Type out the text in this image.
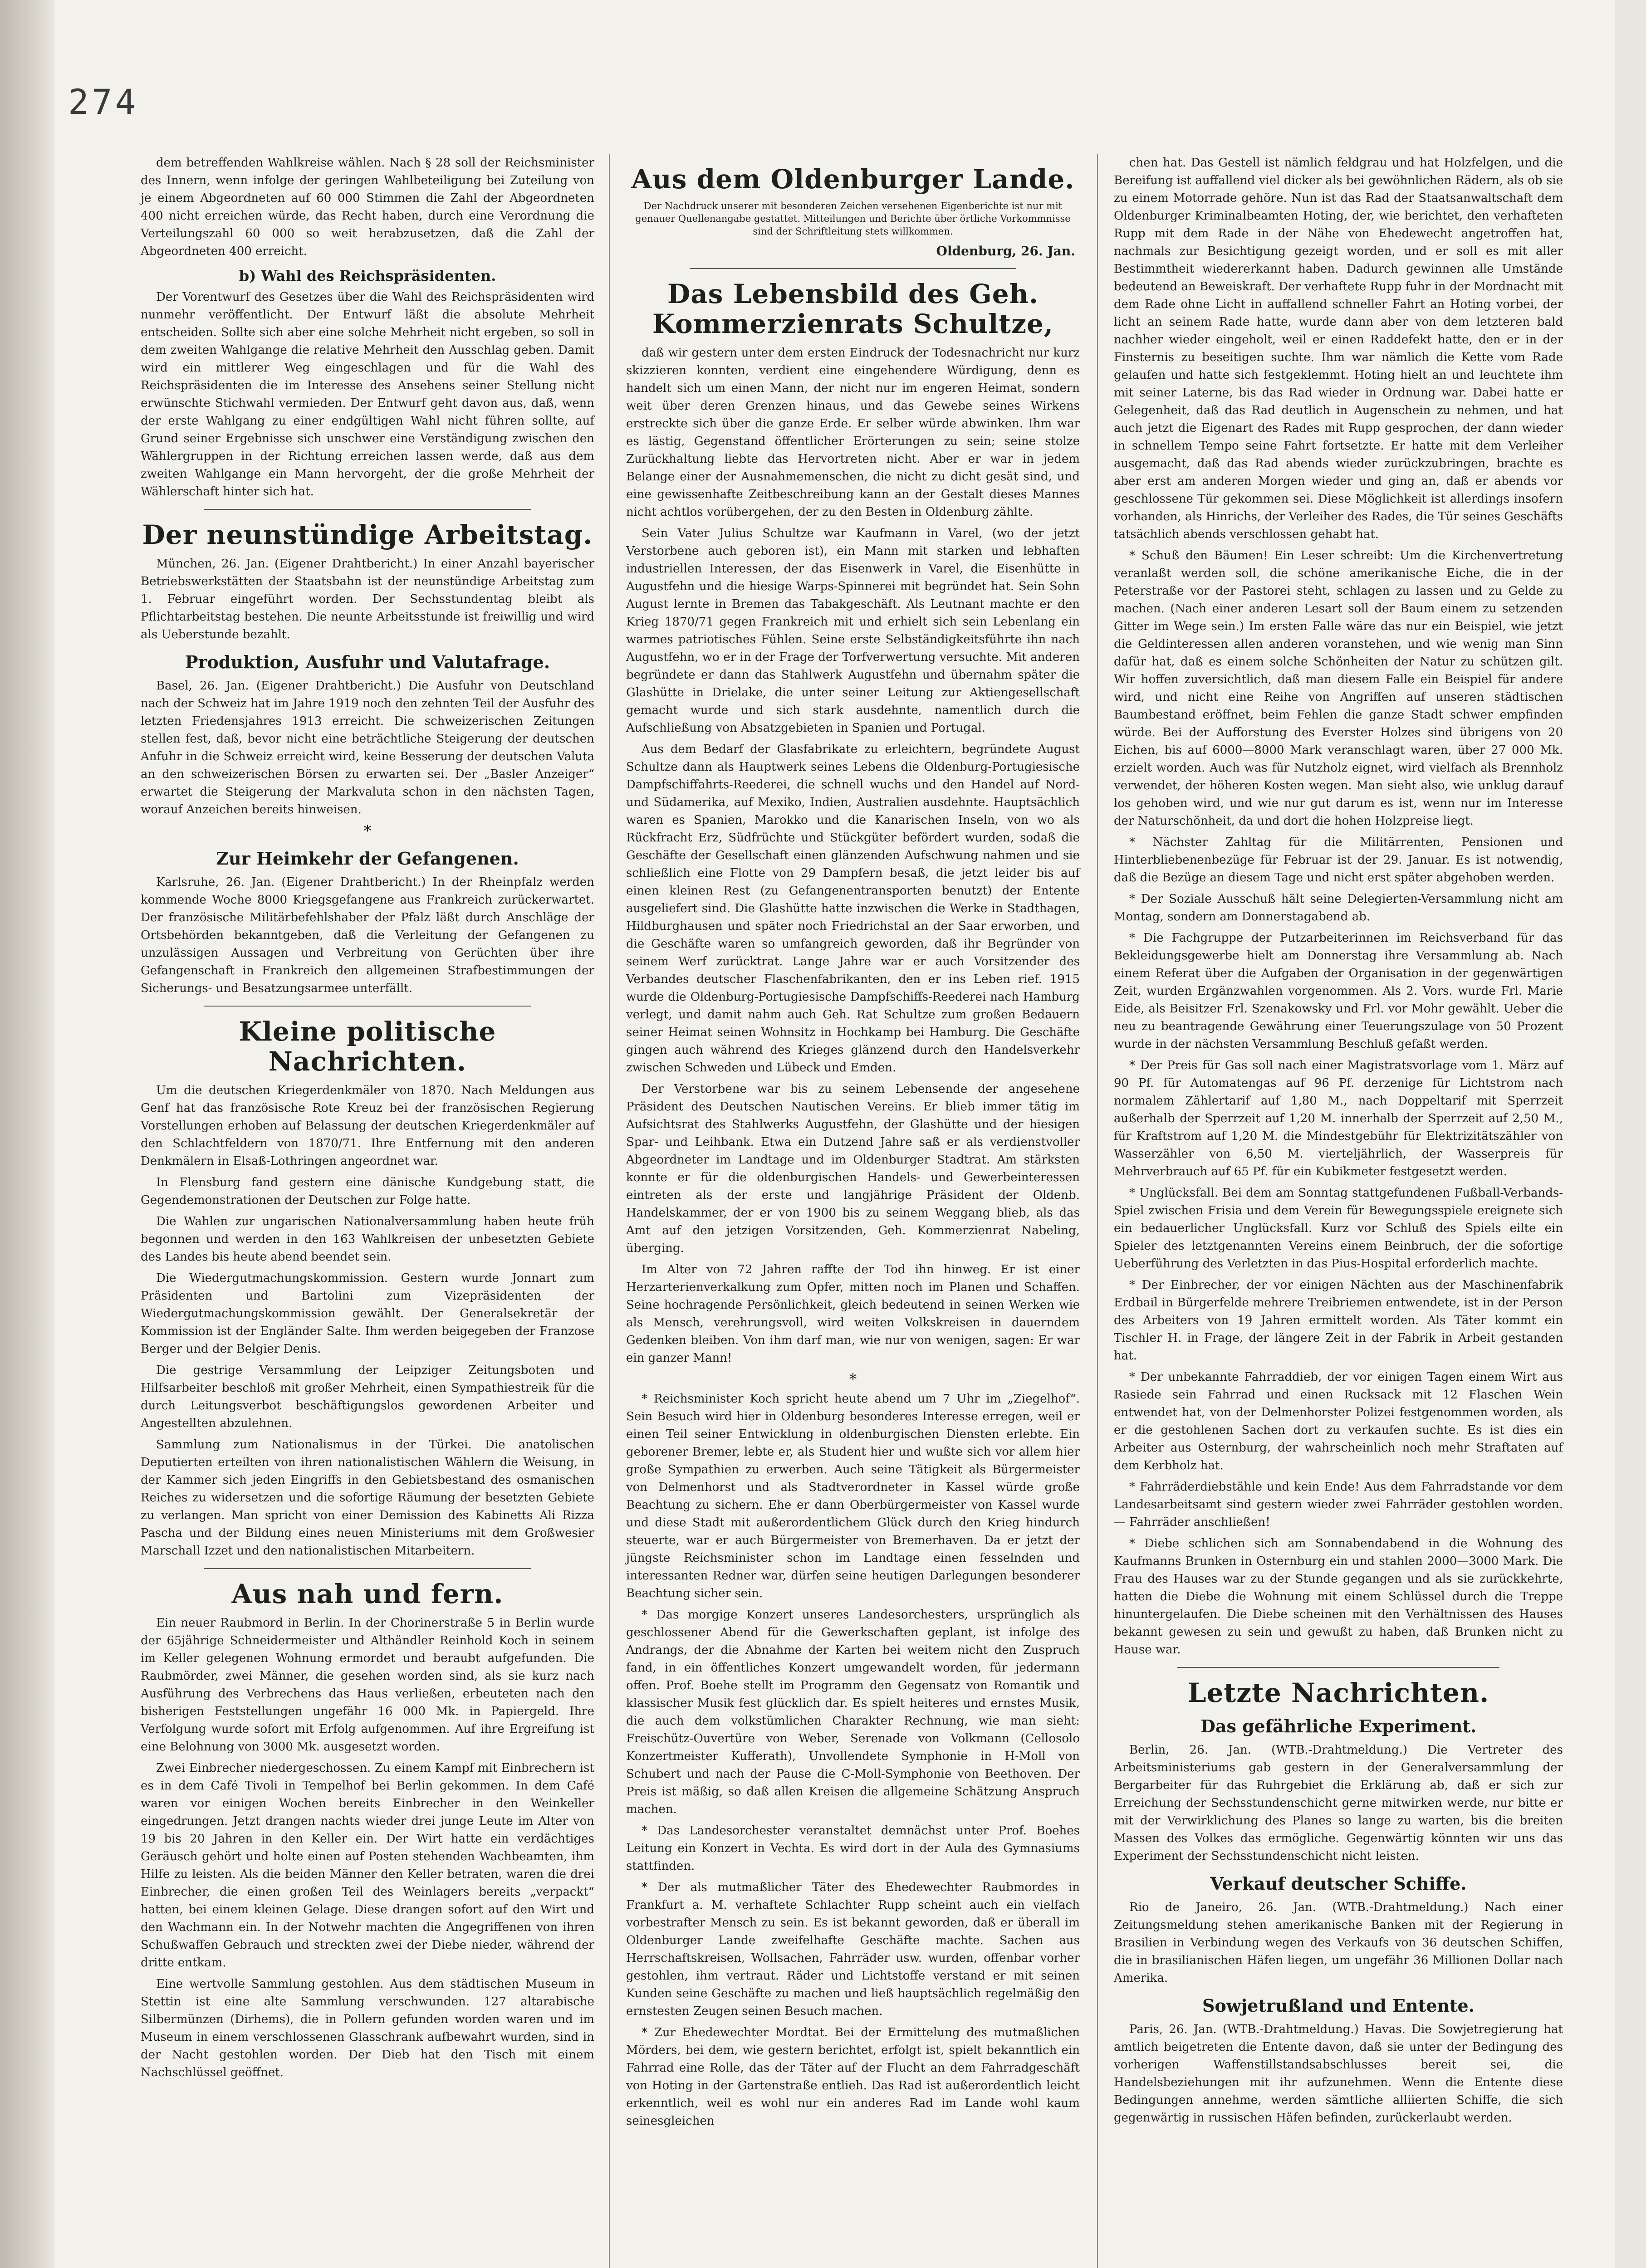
274

dem betreffenden Wahlkreise wählen. Nach § 28 soll der Reichsminister des Innern, wenn infolge der geringen Wahlbeteiligung bei Zuteilung von je einem Abgeordneten auf 60 000 Stimmen die Zahl der Abgeordneten 400 nicht erreichen würde, das Recht haben, durch eine Verordnung die Verteilungszahl 60 000 so weit herabzusetzen, daß die Zahl der Abgeordneten 400 erreicht.

b) Wahl des Reichspräsidenten.

Der Vorentwurf des Gesetzes über die Wahl des Reichspräsidenten wird nunmehr veröffentlicht. Der Entwurf läßt die absolute Mehrheit entscheiden. Sollte sich aber eine solche Mehrheit nicht ergeben, so soll in dem zweiten Wahlgange die relative Mehrheit den Ausschlag geben. Damit wird ein mittlerer Weg eingeschlagen und für die Wahl des Reichspräsidenten die im Interesse des Ansehens seiner Stellung nicht erwünschte Stichwahl vermieden. Der Entwurf geht davon aus, daß, wenn der erste Wahlgang zu einer endgültigen Wahl nicht führen sollte, auf Grund seiner Ergebnisse sich unschwer eine Verständigung zwischen den Wählergruppen in der Richtung erreichen lassen werde, daß aus dem zweiten Wahlgange ein Mann hervorgeht, der die große Mehrheit der Wählerschaft hinter sich hat.

Der neunstündige Arbeitstag.

München, 26. Jan. (Eigener Drahtbericht.) In einer Anzahl bayerischer Betriebswerkstätten der Staatsbahn ist der neunstündige Arbeitstag zum 1. Februar eingeführt worden. Der Sechsstundentag bleibt als Pflichtarbeitstag bestehen. Die neunte Arbeitsstunde ist freiwillig und wird als Ueberstunde bezahlt.

Produktion, Ausfuhr und Valutafrage.

Basel, 26. Jan. (Eigener Drahtbericht.) Die Ausfuhr von Deutschland nach der Schweiz hat im Jahre 1919 noch den zehnten Teil der Ausfuhr des letzten Friedensjahres 1913 erreicht. Die schweizerischen Zeitungen stellen fest, daß, bevor nicht eine beträchtliche Steigerung der deutschen Anfuhr in die Schweiz erreicht wird, keine Besserung der deutschen Valuta an den schweizerischen Börsen zu erwarten sei. Der „Basler Anzeiger“ erwartet die Steigerung der Markvaluta schon in den nächsten Tagen, worauf Anzeichen bereits hinweisen.

*
Zur Heimkehr der Gefangenen.

Karlsruhe, 26. Jan. (Eigener Drahtbericht.) In der Rheinpfalz werden kommende Woche 8000 Kriegsgefangene aus Frankreich zurückerwartet. Der französische Militärbefehlshaber der Pfalz läßt durch Anschläge der Ortsbehörden bekanntgeben, daß die Verleitung der Gefangenen zu unzulässigen Aussagen und Verbreitung von Gerüchten über ihre Gefangenschaft in Frankreich den allgemeinen Strafbestimmungen der Sicherungs- und Besatzungsarmee unterfällt.

Kleine politische Nachrichten.

Um die deutschen Kriegerdenkmäler von 1870. Nach Meldungen aus Genf hat das französische Rote Kreuz bei der französischen Regierung Vorstellungen erhoben auf Belassung der deutschen Kriegerdenkmäler auf den Schlachtfeldern von 1870/71. Ihre Entfernung mit den anderen Denkmälern in Elsaß-Lothringen angeordnet war.

In Flensburg fand gestern eine dänische Kundgebung statt, die Gegendemonstrationen der Deutschen zur Folge hatte.

Die Wahlen zur ungarischen Nationalversammlung haben heute früh begonnen und werden in den 163 Wahlkreisen der unbesetzten Gebiete des Landes bis heute abend beendet sein.

Die Wiedergutmachungskommission. Gestern wurde Jonnart zum Präsidenten und Bartolini zum Vizepräsidenten der Wiedergutmachungskommission gewählt. Der Generalsekretär der Kommission ist der Engländer Salte. Ihm werden beigegeben der Franzose Berger und der Belgier Denis.

Die gestrige Versammlung der Leipziger Zeitungsboten und Hilfsarbeiter beschloß mit großer Mehrheit, einen Sympathiestreik für die durch Leitungsverbot beschäftigungslos gewordenen Arbeiter und Angestellten abzulehnen.

Sammlung zum Nationalismus in der Türkei. Die anatolischen Deputierten erteilten von ihren nationalistischen Wählern die Weisung, in der Kammer sich jeden Eingriffs in den Gebietsbestand des osmanischen Reiches zu widersetzen und die sofortige Räumung der besetzten Gebiete zu verlangen. Man spricht von einer Demission des Kabinetts Ali Rizza Pascha und der Bildung eines neuen Ministeriums mit dem Großwesier Marschall Izzet und den nationalistischen Mitarbeitern.

Aus nah und fern.

Ein neuer Raubmord in Berlin. In der Chorinerstraße 5 in Berlin wurde der 65jährige Schneidermeister und Althändler Reinhold Koch in seinem im Keller gelegenen Wohnung ermordet und beraubt aufgefunden. Die Raubmörder, zwei Männer, die gesehen worden sind, als sie kurz nach Ausführung des Verbrechens das Haus verließen, erbeuteten nach den bisherigen Feststellungen ungefähr 16 000 Mk. in Papiergeld. Ihre Verfolgung wurde sofort mit Erfolg aufgenommen. Auf ihre Ergreifung ist eine Belohnung von 3000 Mk. ausgesetzt worden.

Zwei Einbrecher niedergeschossen. Zu einem Kampf mit Einbrechern ist es in dem Café Tivoli in Tempelhof bei Berlin gekommen. In dem Café waren vor einigen Wochen bereits Einbrecher in den Weinkeller eingedrungen. Jetzt drangen nachts wieder drei junge Leute im Alter von 19 bis 20 Jahren in den Keller ein. Der Wirt hatte ein verdächtiges Geräusch gehört und holte einen auf Posten stehenden Wachbeamten, ihm Hilfe zu leisten. Als die beiden Männer den Keller betraten, waren die drei Einbrecher, die einen großen Teil des Weinlagers bereits „verpackt“ hatten, bei einem kleinen Gelage. Diese drangen sofort auf den Wirt und den Wachmann ein. In der Notwehr machten die Angegriffenen von ihren Schußwaffen Gebrauch und streckten zwei der Diebe nieder, während der dritte entkam.

Eine wertvolle Sammlung gestohlen. Aus dem städtischen Museum in Stettin ist eine alte Sammlung verschwunden. 127 altarabische Silbermünzen (Dirhems), die in Pollern gefunden worden waren und im Museum in einem verschlossenen Glasschrank aufbewahrt wurden, sind in der Nacht gestohlen worden. Der Dieb hat den Tisch mit einem Nachschlüssel geöffnet.

Aus dem Oldenburger Lande.
Der Nachdruck unserer mit besonderen Zeichen versehenen Eigenberichte ist nur mit genauer Quellenangabe gestattet. Mitteilungen und Berichte über örtliche Vorkommnisse sind der Schriftleitung stets willkommen.
Oldenburg, 26. Jan.
Das Lebensbild des Geh. Kommerzienrats Schultze,

daß wir gestern unter dem ersten Eindruck der Todesnachricht nur kurz skizzieren konnten, verdient eine eingehendere Würdigung, denn es handelt sich um einen Mann, der nicht nur im engeren Heimat, sondern weit über deren Grenzen hinaus, und das Gewebe seines Wirkens erstreckte sich über die ganze Erde. Er selber würde abwinken. Ihm war es lästig, Gegenstand öffentlicher Erörterungen zu sein; seine stolze Zurückhaltung liebte das Hervortreten nicht. Aber er war in jedem Belange einer der Ausnahmemenschen, die nicht zu dicht gesät sind, und eine gewissenhafte Zeitbeschreibung kann an der Gestalt dieses Mannes nicht achtlos vorübergehen, der zu den Besten in Oldenburg zählte.

Sein Vater Julius Schultze war Kaufmann in Varel, (wo der jetzt Verstorbene auch geboren ist), ein Mann mit starken und lebhaften industriellen Interessen, der das Eisenwerk in Varel, die Eisenhütte in Augustfehn und die hiesige Warps-Spinnerei mit begründet hat. Sein Sohn August lernte in Bremen das Tabakgeschäft. Als Leutnant machte er den Krieg 1870/71 gegen Frankreich mit und erhielt sich sein Lebenlang ein warmes patriotisches Fühlen. Seine erste Selbständigkeitsführte ihn nach Augustfehn, wo er in der Frage der Torfverwertung versuchte. Mit anderen begründete er dann das Stahlwerk Augustfehn und übernahm später die Glashütte in Drielake, die unter seiner Leitung zur Aktiengesellschaft gemacht wurde und sich stark ausdehnte, namentlich durch die Aufschließung von Absatzgebieten in Spanien und Portugal.

Aus dem Bedarf der Glasfabrikate zu erleichtern, begründete August Schultze dann als Hauptwerk seines Lebens die Oldenburg-Portugiesische Dampfschiffahrts-Reederei, die schnell wuchs und den Handel auf Nord- und Südamerika, auf Mexiko, Indien, Australien ausdehnte. Hauptsächlich waren es Spanien, Marokko und die Kanarischen Inseln, von wo als Rückfracht Erz, Südfrüchte und Stückgüter befördert wurden, sodaß die Geschäfte der Gesellschaft einen glänzenden Aufschwung nahmen und sie schließlich eine Flotte von 29 Dampfern besaß, die jetzt leider bis auf einen kleinen Rest (zu Gefangenentransporten benutzt) der Entente ausgeliefert sind. Die Glashütte hatte inzwischen die Werke in Stadthagen, Hildburghausen und später noch Friedrichstal an der Saar erworben, und die Geschäfte waren so umfangreich geworden, daß ihr Begründer von seinem Werf zurücktrat. Lange Jahre war er auch Vorsitzender des Verbandes deutscher Flaschenfabrikanten, den er ins Leben rief. 1915 wurde die Oldenburg-Portugiesische Dampfschiffs-Reederei nach Hamburg verlegt, und damit nahm auch Geh. Rat Schultze zum großen Bedauern seiner Heimat seinen Wohnsitz in Hochkamp bei Hamburg. Die Geschäfte gingen auch während des Krieges glänzend durch den Handelsverkehr zwischen Schweden und Lübeck und Emden.

Der Verstorbene war bis zu seinem Lebensende der angesehene Präsident des Deutschen Nautischen Vereins. Er blieb immer tätig im Aufsichtsrat des Stahlwerks Augustfehn, der Glashütte und der hiesigen Spar- und Leihbank. Etwa ein Dutzend Jahre saß er als verdienstvoller Abgeordneter im Landtage und im Oldenburger Stadtrat. Am stärksten konnte er für die oldenburgischen Handels- und Gewerbeinteressen eintreten als der erste und langjährige Präsident der Oldenb. Handelskammer, der er von 1900 bis zu seinem Weggang blieb, als das Amt auf den jetzigen Vorsitzenden, Geh. Kommerzienrat Nabeling, überging.

Im Alter von 72 Jahren raffte der Tod ihn hinweg. Er ist einer Herzarterienverkalkung zum Opfer, mitten noch im Planen und Schaffen. Seine hochragende Persönlichkeit, gleich bedeutend in seinen Werken wie als Mensch, verehrungsvoll, wird weiten Volkskreisen in dauerndem Gedenken bleiben. Von ihm darf man, wie nur von wenigen, sagen: Er war ein ganzer Mann!

*

* Reichsminister Koch spricht heute abend um 7 Uhr im „Ziegelhof“. Sein Besuch wird hier in Oldenburg besonderes Interesse erregen, weil er einen Teil seiner Entwicklung in oldenburgischen Diensten erlebte. Ein geborener Bremer, lebte er, als Student hier und wußte sich vor allem hier große Sympathien zu erwerben. Auch seine Tätigkeit als Bürgermeister von Delmenhorst und als Stadtverordneter in Kassel würde große Beachtung zu sichern. Ehe er dann Oberbürgermeister von Kassel wurde und diese Stadt mit außerordentlichem Glück durch den Krieg hindurch steuerte, war er auch Bürgermeister von Bremerhaven. Da er jetzt der jüngste Reichsminister schon im Landtage einen fesselnden und interessanten Redner war, dürfen seine heutigen Darlegungen besonderer Beachtung sicher sein.

* Das morgige Konzert unseres Landesorchesters, ursprünglich als geschlossener Abend für die Gewerkschaften geplant, ist infolge des Andrangs, der die Abnahme der Karten bei weitem nicht den Zuspruch fand, in ein öffentliches Konzert umgewandelt worden, für jedermann offen. Prof. Boehe stellt im Programm den Gegensatz von Romantik und klassischer Musik fest glücklich dar. Es spielt heiteres und ernstes Musik, die auch dem volkstümlichen Charakter Rechnung, wie man sieht: Freischütz-Ouvertüre von Weber, Serenade von Volkmann (Cellosolo Konzertmeister Kufferath), Unvollendete Symphonie in H-Moll von Schubert und nach der Pause die C-Moll-Symphonie von Beethoven. Der Preis ist mäßig, so daß allen Kreisen die allgemeine Schätzung Anspruch machen.

* Das Landesorchester veranstaltet demnächst unter Prof. Boehes Leitung ein Konzert in Vechta. Es wird dort in der Aula des Gymnasiums stattfinden.

* Der als mutmaßlicher Täter des Ehedewechter Raubmordes in Frankfurt a. M. verhaftete Schlachter Rupp scheint auch ein vielfach vorbestrafter Mensch zu sein. Es ist bekannt geworden, daß er überall im Oldenburger Lande zweifelhafte Geschäfte machte. Sachen aus Herrschaftskreisen, Wollsachen, Fahrräder usw. wurden, offenbar vorher gestohlen, ihm vertraut. Räder und Lichtstoffe verstand er mit seinen Kunden seine Geschäfte zu machen und ließ hauptsächlich regelmäßig den ernstesten Zeugen seinen Besuch machen.

* Zur Ehedewechter Mordtat. Bei der Ermittelung des mutmaßlichen Mörders, bei dem, wie gestern berichtet, erfolgt ist, spielt bekanntlich ein Fahrrad eine Rolle, das der Täter auf der Flucht an dem Fahrradgeschäft von Hoting in der Gartenstraße entlieh. Das Rad ist außerordentlich leicht erkenntlich, weil es wohl nur ein anderes Rad im Lande wohl kaum seinesgleichen

chen hat. Das Gestell ist nämlich feldgrau und hat Holzfelgen, und die Bereifung ist auffallend viel dicker als bei gewöhnlichen Rädern, als ob sie zu einem Motorrade gehöre. Nun ist das Rad der Staatsanwaltschaft dem Oldenburger Kriminalbeamten Hoting, der, wie berichtet, den verhafteten Rupp mit dem Rade in der Nähe von Ehedewecht angetroffen hat, nachmals zur Besichtigung gezeigt worden, und er soll es mit aller Bestimmtheit wiedererkannt haben. Dadurch gewinnen alle Umstände bedeutend an Beweiskraft. Der verhaftete Rupp fuhr in der Mordnacht mit dem Rade ohne Licht in auffallend schneller Fahrt an Hoting vorbei, der licht an seinem Rade hatte, wurde dann aber von dem letzteren bald nachher wieder eingeholt, weil er einen Raddefekt hatte, den er in der Finsternis zu beseitigen suchte. Ihm war nämlich die Kette vom Rade gelaufen und hatte sich festgeklemmt. Hoting hielt an und leuchtete ihm mit seiner Laterne, bis das Rad wieder in Ordnung war. Dabei hatte er Gelegenheit, daß das Rad deutlich in Augenschein zu nehmen, und hat auch jetzt die Eigenart des Rades mit Rupp gesprochen, der dann wieder in schnellem Tempo seine Fahrt fortsetzte. Er hatte mit dem Verleiher ausgemacht, daß das Rad abends wieder zurückzubringen, brachte es aber erst am anderen Morgen wieder und ging an, daß er abends vor geschlossene Tür gekommen sei. Diese Möglichkeit ist allerdings insofern vorhanden, als Hinrichs, der Verleiher des Rades, die Tür seines Geschäfts tatsächlich abends verschlossen gehabt hat.

* Schuß den Bäumen! Ein Leser schreibt: Um die Kirchenvertretung veranlaßt werden soll, die schöne amerikanische Eiche, die in der Peterstraße vor der Pastorei steht, schlagen zu lassen und zu Gelde zu machen. (Nach einer anderen Lesart soll der Baum einem zu setzenden Gitter im Wege sein.) Im ersten Falle wäre das nur ein Beispiel, wie jetzt die Geldinteressen allen anderen voranstehen, und wie wenig man Sinn dafür hat, daß es einem solche Schönheiten der Natur zu schützen gilt. Wir hoffen zuversichtlich, daß man diesem Falle ein Beispiel für andere wird, und nicht eine Reihe von Angriffen auf unseren städtischen Baumbestand eröffnet, beim Fehlen die ganze Stadt schwer empfinden würde. Bei der Aufforstung des Everster Holzes sind übrigens von 20 Eichen, bis auf 6000—8000 Mark veranschlagt waren, über 27 000 Mk. erzielt worden. Auch was für Nutzholz eignet, wird vielfach als Brennholz verwendet, der höheren Kosten wegen. Man sieht also, wie unklug darauf los gehoben wird, und wie nur gut darum es ist, wenn nur im Interesse der Naturschönheit, da und dort die hohen Holzpreise liegt.

* Nächster Zahltag für die Militärrenten, Pensionen und Hinterbliebenenbezüge für Februar ist der 29. Januar. Es ist notwendig, daß die Bezüge an diesem Tage und nicht erst später abgehoben werden.

* Der Soziale Ausschuß hält seine Delegierten-Versammlung nicht am Montag, sondern am Donnerstagabend ab.

* Die Fachgruppe der Putzarbeiterinnen im Reichsverband für das Bekleidungsgewerbe hielt am Donnerstag ihre Versammlung ab. Nach einem Referat über die Aufgaben der Organisation in der gegenwärtigen Zeit, wurden Ergänzwahlen vorgenommen. Als 2. Vors. wurde Frl. Marie Eide, als Beisitzer Frl. Szenakowsky und Frl. vor Mohr gewählt. Ueber die neu zu beantragende Gewährung einer Teuerungszulage von 50 Prozent wurde in der nächsten Versammlung Beschluß gefaßt werden.

* Der Preis für Gas soll nach einer Magistratsvorlage vom 1. März auf 90 Pf. für Automatengas auf 96 Pf. derzenige für Lichtstrom nach normalem Zählertarif auf 1,80 M., nach Doppeltarif mit Sperrzeit außerhalb der Sperrzeit auf 1,20 M. innerhalb der Sperrzeit auf 2,50 M., für Kraftstrom auf 1,20 M. die Mindestgebühr für Elektrizitätszähler von Wasserzähler von 6,50 M. vierteljährlich, der Wasserpreis für Mehrverbrauch auf 65 Pf. für ein Kubikmeter festgesetzt werden.

* Unglücksfall. Bei dem am Sonntag stattgefundenen Fußball-Verbands-Spiel zwischen Frisia und dem Verein für Bewegungsspiele ereignete sich ein bedauerlicher Unglücksfall. Kurz vor Schluß des Spiels eilte ein Spieler des letztgenannten Vereins einem Beinbruch, der die sofortige Ueberführung des Verletzten in das Pius-Hospital erforderlich machte.

* Der Einbrecher, der vor einigen Nächten aus der Maschinenfabrik Erdbail in Bürgerfelde mehrere Treibriemen entwendete, ist in der Person des Arbeiters von 19 Jahren ermittelt worden. Als Täter kommt ein Tischler H. in Frage, der längere Zeit in der Fabrik in Arbeit gestanden hat.

* Der unbekannte Fahrraddieb, der vor einigen Tagen einem Wirt aus Rasiede sein Fahrrad und einen Rucksack mit 12 Flaschen Wein entwendet hat, von der Delmenhorster Polizei festgenommen worden, als er die gestohlenen Sachen dort zu verkaufen suchte. Es ist dies ein Arbeiter aus Osternburg, der wahrscheinlich noch mehr Straftaten auf dem Kerbholz hat.

* Fahrräderdiebstähle und kein Ende! Aus dem Fahrradstande vor dem Landesarbeitsamt sind gestern wieder zwei Fahrräder gestohlen worden. — Fahrräder anschließen!

* Diebe schlichen sich am Sonnabendabend in die Wohnung des Kaufmanns Brunken in Osternburg ein und stahlen 2000—3000 Mark. Die Frau des Hauses war zu der Stunde gegangen und als sie zurückkehrte, hatten die Diebe die Wohnung mit einem Schlüssel durch die Treppe hinuntergelaufen. Die Diebe scheinen mit den Verhältnissen des Hauses bekannt gewesen zu sein und gewußt zu haben, daß Brunken nicht zu Hause war.

Letzte Nachrichten.
Das gefährliche Experiment.

Berlin, 26. Jan. (WTB.-Drahtmeldung.) Die Vertreter des Arbeitsministeriums gab gestern in der Generalversammlung der Bergarbeiter für das Ruhrgebiet die Erklärung ab, daß er sich zur Erreichung der Sechsstundenschicht gerne mitwirken werde, nur bitte er mit der Verwirklichung des Planes so lange zu warten, bis die breiten Massen des Volkes das ermögliche. Gegenwärtig könnten wir uns das Experiment der Sechsstundenschicht nicht leisten.

Verkauf deutscher Schiffe.

Rio de Janeiro, 26. Jan. (WTB.-Drahtmeldung.) Nach einer Zeitungsmeldung stehen amerikanische Banken mit der Regierung in Brasilien in Verbindung wegen des Verkaufs von 36 deutschen Schiffen, die in brasilianischen Häfen liegen, um ungefähr 36 Millionen Dollar nach Amerika.

Sowjetrußland und Entente.

Paris, 26. Jan. (WTB.-Drahtmeldung.) Havas. Die Sowjetregierung hat amtlich beigetreten die Entente davon, daß sie unter der Bedingung des vorherigen Waffenstillstandsabschlusses bereit sei, die Handelsbeziehungen mit ihr aufzunehmen. Wenn die Entente diese Bedingungen annehme, werden sämtliche alliierten Schiffe, die sich gegenwärtig in russischen Häfen befinden, zurückerlaubt werden.
